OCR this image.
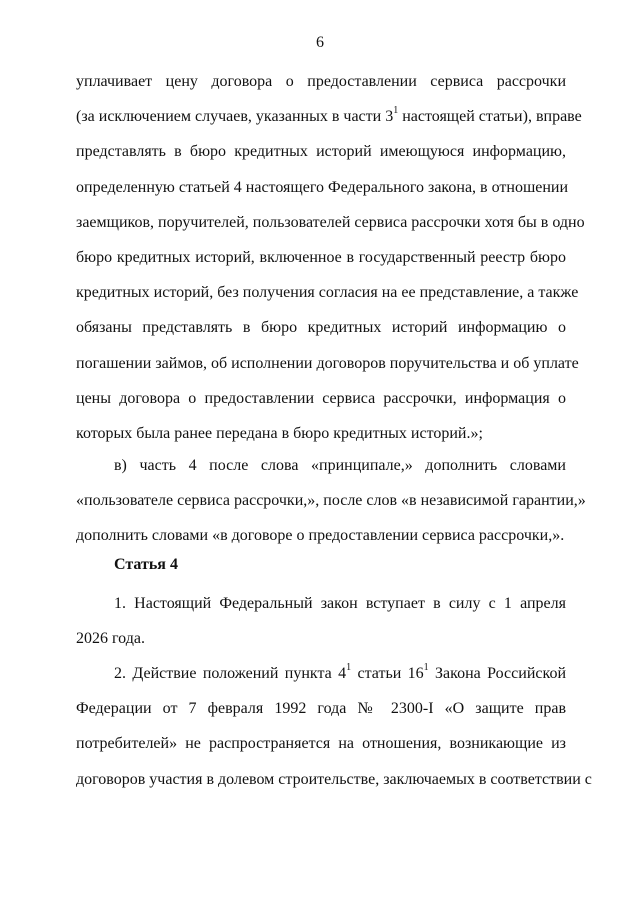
6
уплачивает цену договора о предоставлении сервиса рассрочки
(за исключением случаев, указанных в части $3^1$ настоящей статьи), вправе
представлять в бюро кредитных историй имеющуюся информацию,
определенную статьей 4 настоящего Федерального закона, в отношении
заемщиков, поручителей, пользователей сервиса рассрочки хотя бы в одно
бюро кредитных историй, включенное в государственный реестр бюро
кредитных историй, без получения согласия на ее представление, а также
обязаны представлять в бюро кредитных историй информацию о
погашении займов, об исполнении договоров поручительства и об уплате
цены договора о предоставлении сервиса рассрочки, информация о
которых была ранее передана в бюро кредитных историй.»;
в) часть 4 после слова «принципале,» дополнить словами
«пользователе сервиса рассрочки,», после слов «в независимой гарантии,»
дополнить словами «в договоре о предоставлении сервиса рассрочки,».
Статья 4
1. Настоящий Федеральный закон вступает в силу с 1 апреля
2026 года.
2. Действие положений пункта $4^1$ статьи $16^1$ Закона Российской
Федерации от 7 февраля 1992 года № 2300-I «О защите прав
потребителей» не распространяется на отношения, возникающие из
договоров участия в долевом строительстве, заключаемых в соответствии с
